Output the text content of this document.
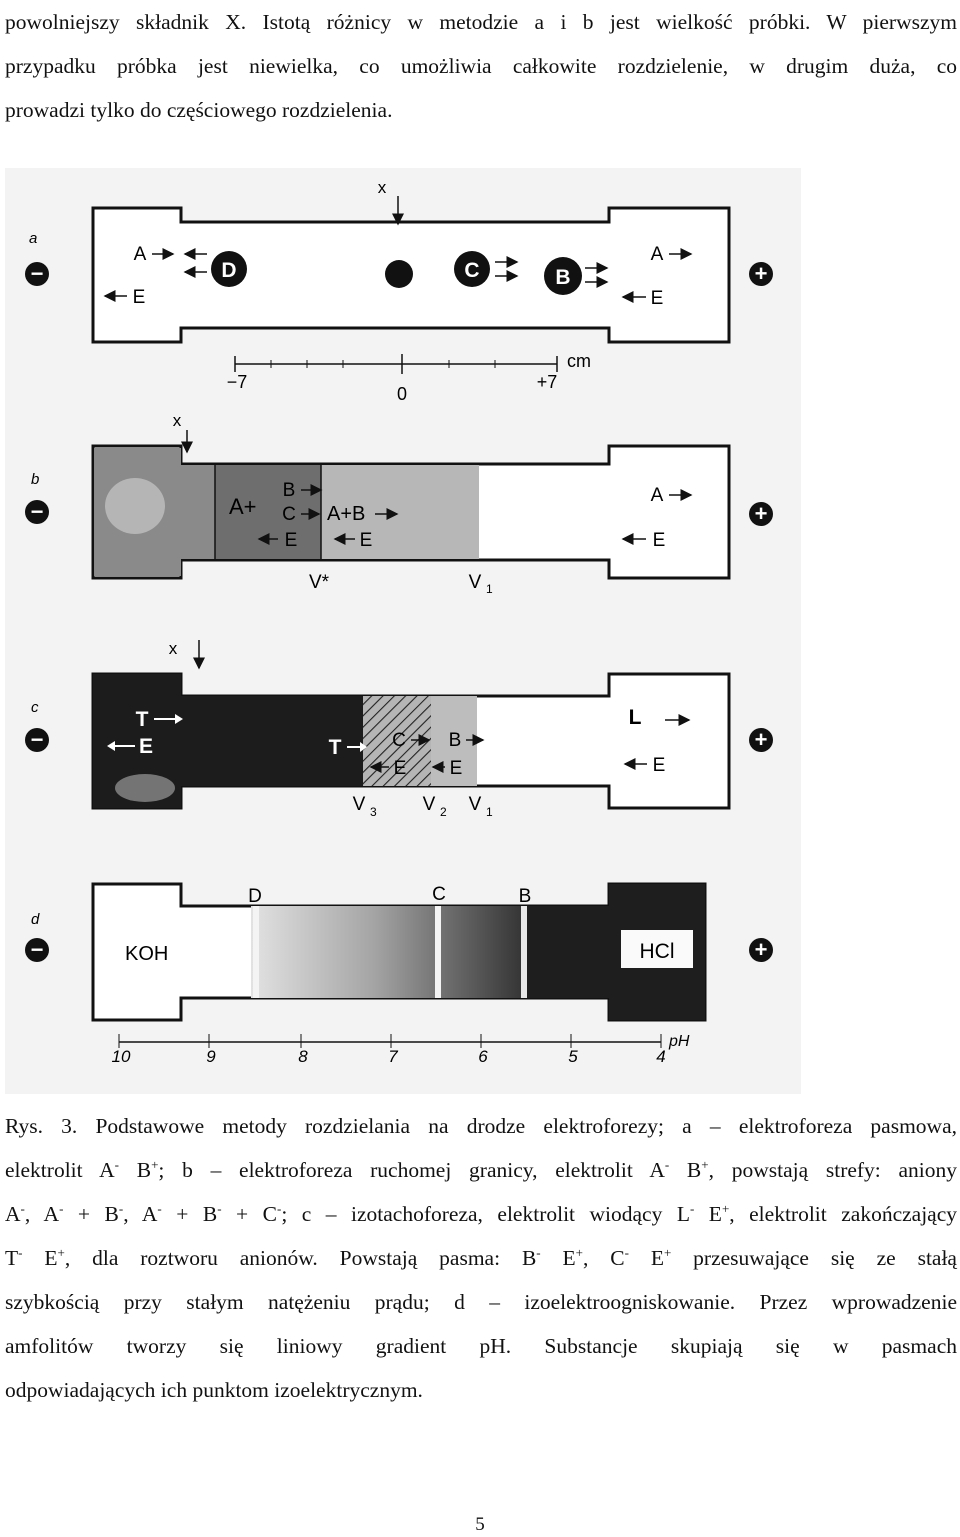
powolniejszy składnik X. Istotą różnicy w metodzie a i b jest wielkość próbki. W pierwszym
przypadku próbka jest niewielka, co umożliwia całkowite rozdzielenie, w drugim duża, co
prowadzi tylko do częściowego rozdzielenia.
a
−	+
x
A
E
D	C	B
A
E
−7
0
+7
cm
b
−	+
x
A+
B
C
E
A+B
E
A
E
V*	V 1
c
−	+
x
T
E	T	C
E
B
E
L
E
V 3 V 2 V 1
d
−	+
D	C	B
KOH	HCl
10	9	8	7	6	5	4
pH
Rys. 3. Podstawowe metody rozdzielania na drodze elektroforezy; a – elektroforeza pasmowa,
elektrolit A- B+; b – elektroforeza ruchomej granicy, elektrolit A- B+, powstają strefy: aniony
A-, A- + B-, A- + B- + C-; c – izotachoforeza, elektrolit wiodący L- E+, elektrolit zakończający
T- E+, dla roztworu anionów. Powstają pasma: B- E+, C- E+ przesuwające się ze stałą
szybkością przy stałym natężeniu prądu; d – izoelektroogniskowanie. Przez wprowadzenie
amfolitów tworzy się liniowy gradient pH. Substancje skupiają się w pasmach
odpowiadających ich punktom izoelektrycznym.
5
